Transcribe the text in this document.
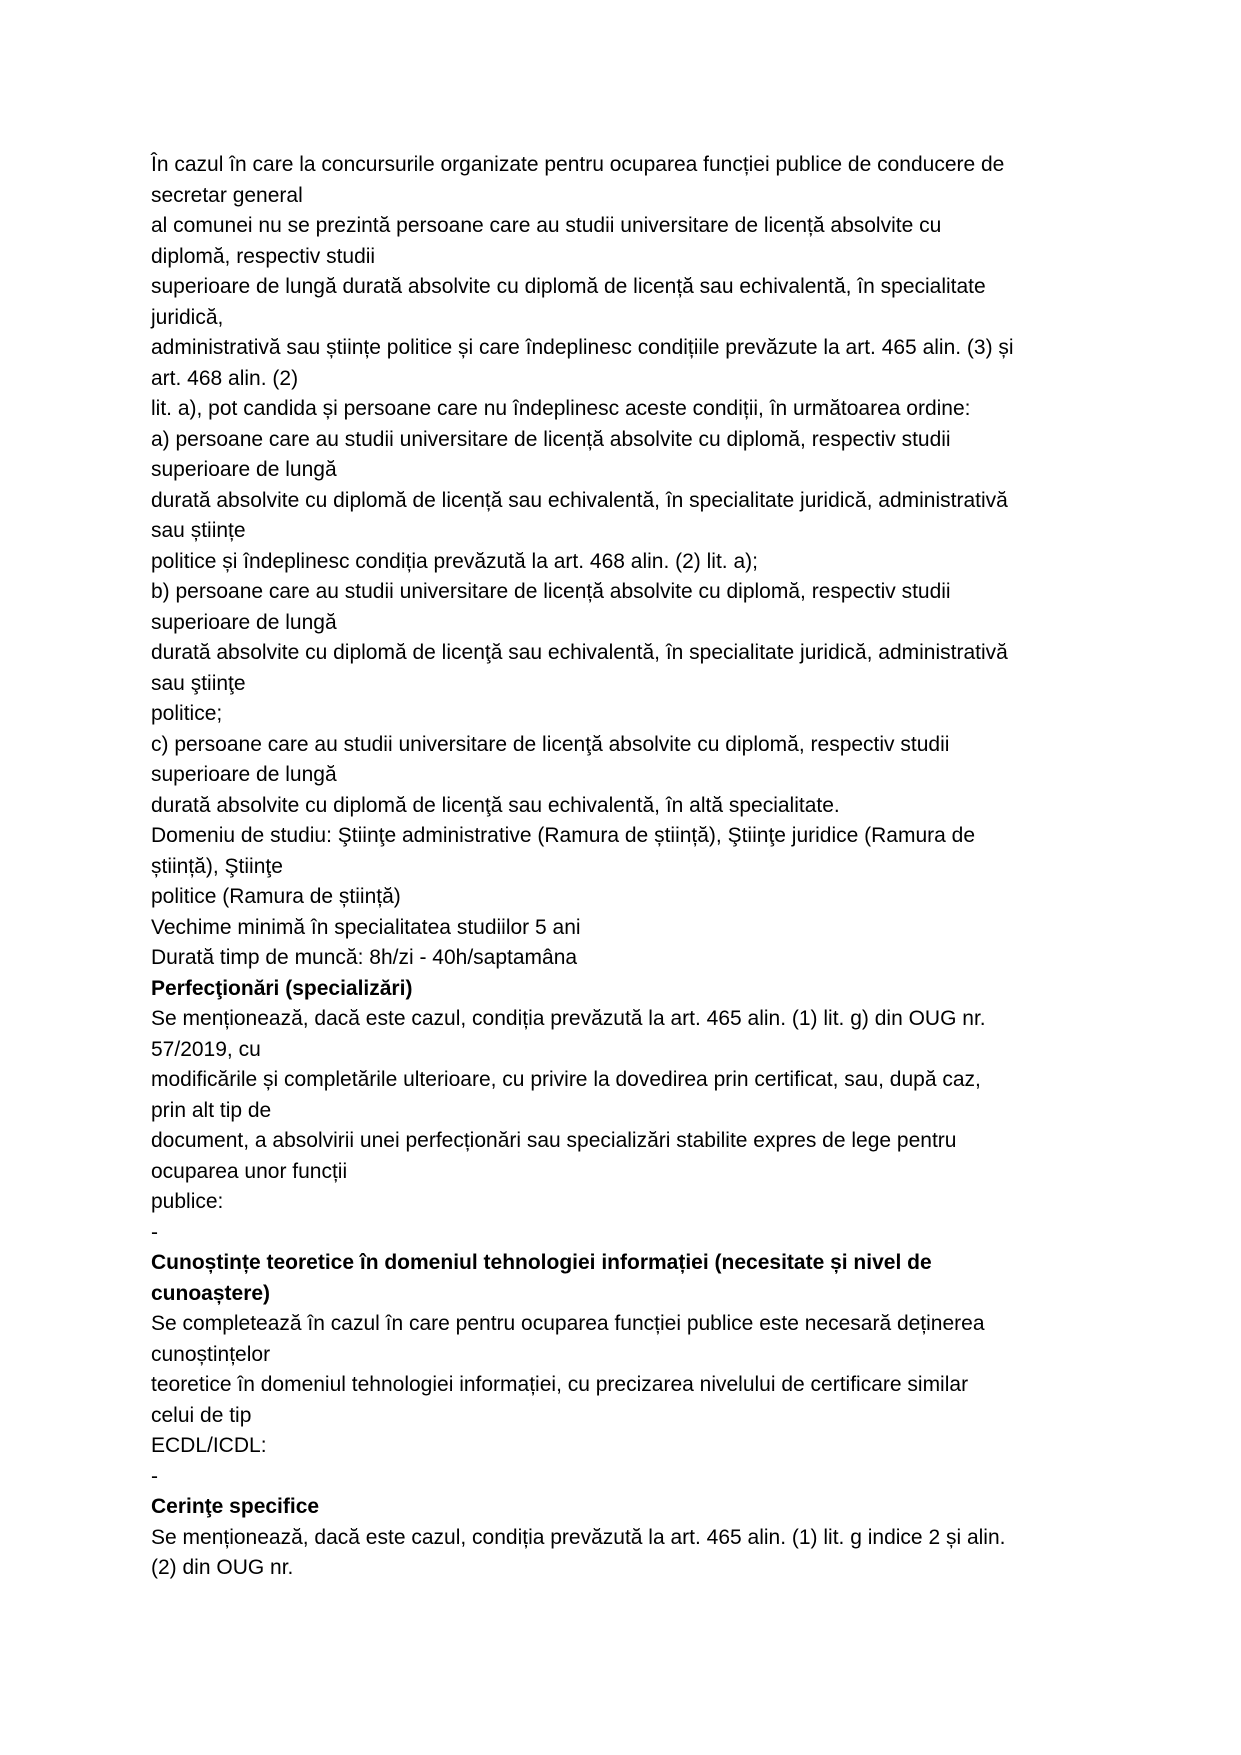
În cazul în care la concursurile organizate pentru ocuparea funcției publice de conducere de
secretar general
al comunei nu se prezintă persoane care au studii universitare de licență absolvite cu
diplomă, respectiv studii
superioare de lungă durată absolvite cu diplomă de licență sau echivalentă, în specialitate
juridică,
administrativă sau științe politice și care îndeplinesc condițiile prevăzute la art. 465 alin. (3) și
art. 468 alin. (2)
lit. a), pot candida și persoane care nu îndeplinesc aceste condiții, în următoarea ordine:
a) persoane care au studii universitare de licență absolvite cu diplomă, respectiv studii
superioare de lungă
durată absolvite cu diplomă de licență sau echivalentă, în specialitate juridică, administrativă
sau științe
politice și îndeplinesc condiția prevăzută la art. 468 alin. (2) lit. a);
b) persoane care au studii universitare de licență absolvite cu diplomă, respectiv studii
superioare de lungă
durată absolvite cu diplomă de licenţă sau echivalentă, în specialitate juridică, administrativă
sau ştiinţe
politice;
c) persoane care au studii universitare de licenţă absolvite cu diplomă, respectiv studii
superioare de lungă
durată absolvite cu diplomă de licenţă sau echivalentă, în altă specialitate.
Domeniu de studiu: Ştiinţe administrative (Ramura de știință), Ştiinţe juridice (Ramura de
știință), Ştiinţe
politice (Ramura de știință)
Vechime minimă în specialitatea studiilor 5 ani
Durată timp de muncă: 8h/zi - 40h/saptamâna
Perfecţionări (specializări)
Se menționează, dacă este cazul, condiția prevăzută la art. 465 alin. (1) lit. g) din OUG nr.
57/2019, cu
modificările și completările ulterioare, cu privire la dovedirea prin certificat, sau, după caz,
prin alt tip de
document, a absolvirii unei perfecționări sau specializări stabilite expres de lege pentru
ocuparea unor funcții
publice:
-
Cunoștințe teoretice în domeniul tehnologiei informației (necesitate și nivel de
cunoaștere)
Se completează în cazul în care pentru ocuparea funcției publice este necesară deținerea
cunoștințelor
teoretice în domeniul tehnologiei informației, cu precizarea nivelului de certificare similar
celui de tip
ECDL/ICDL:
-
Cerinţe specifice
Se menționează, dacă este cazul, condiția prevăzută la art. 465 alin. (1) lit. g indice 2 și alin.
(2) din OUG nr.
